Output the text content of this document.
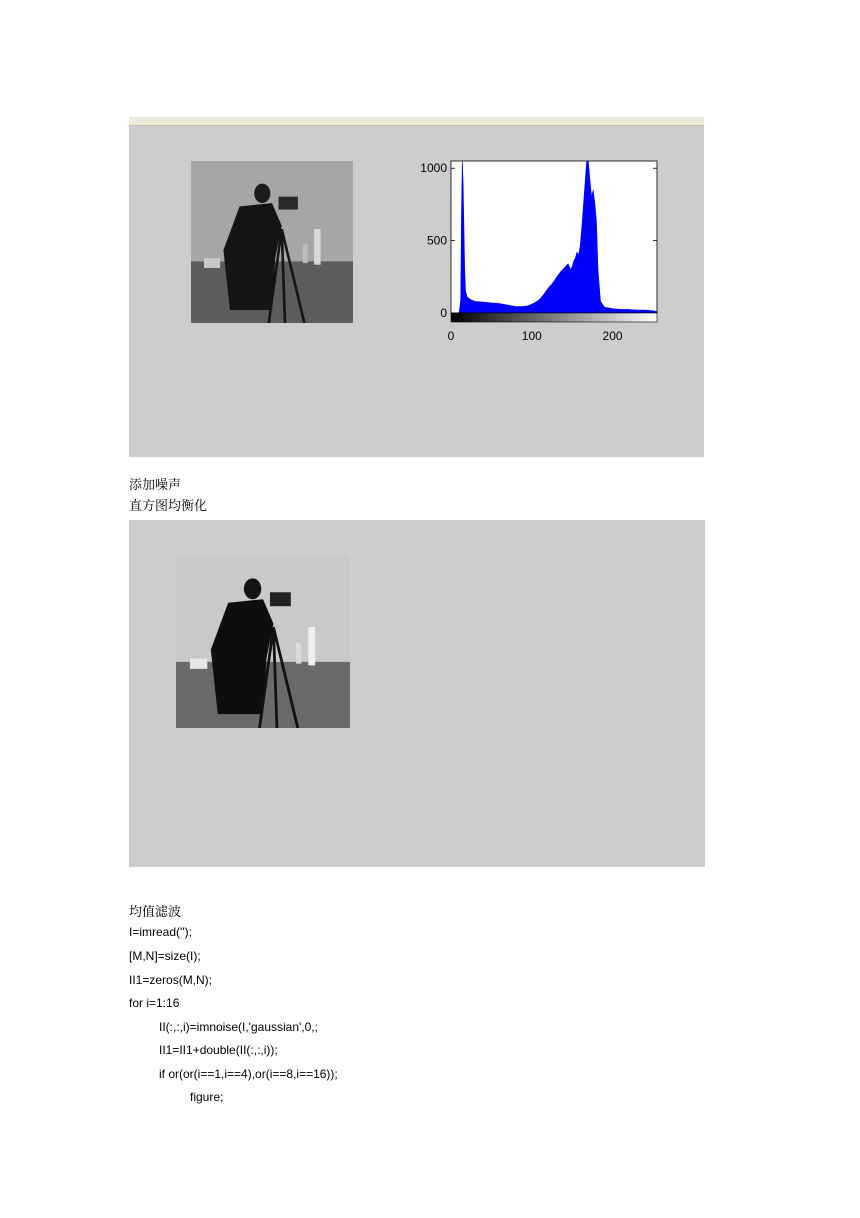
0
500
1000
0	100	200
添加噪声
直方图均衡化
均值滤波
I=imread('');
[M,N]=size(I);
II1=zeros(M,N);
for i=1:16
II(:,:,i)=imnoise(I,'gaussian',0,;
II1=II1+double(II(:,:,i));
if or(or(i==1,i==4),or(i==8,i==16));
figure;
